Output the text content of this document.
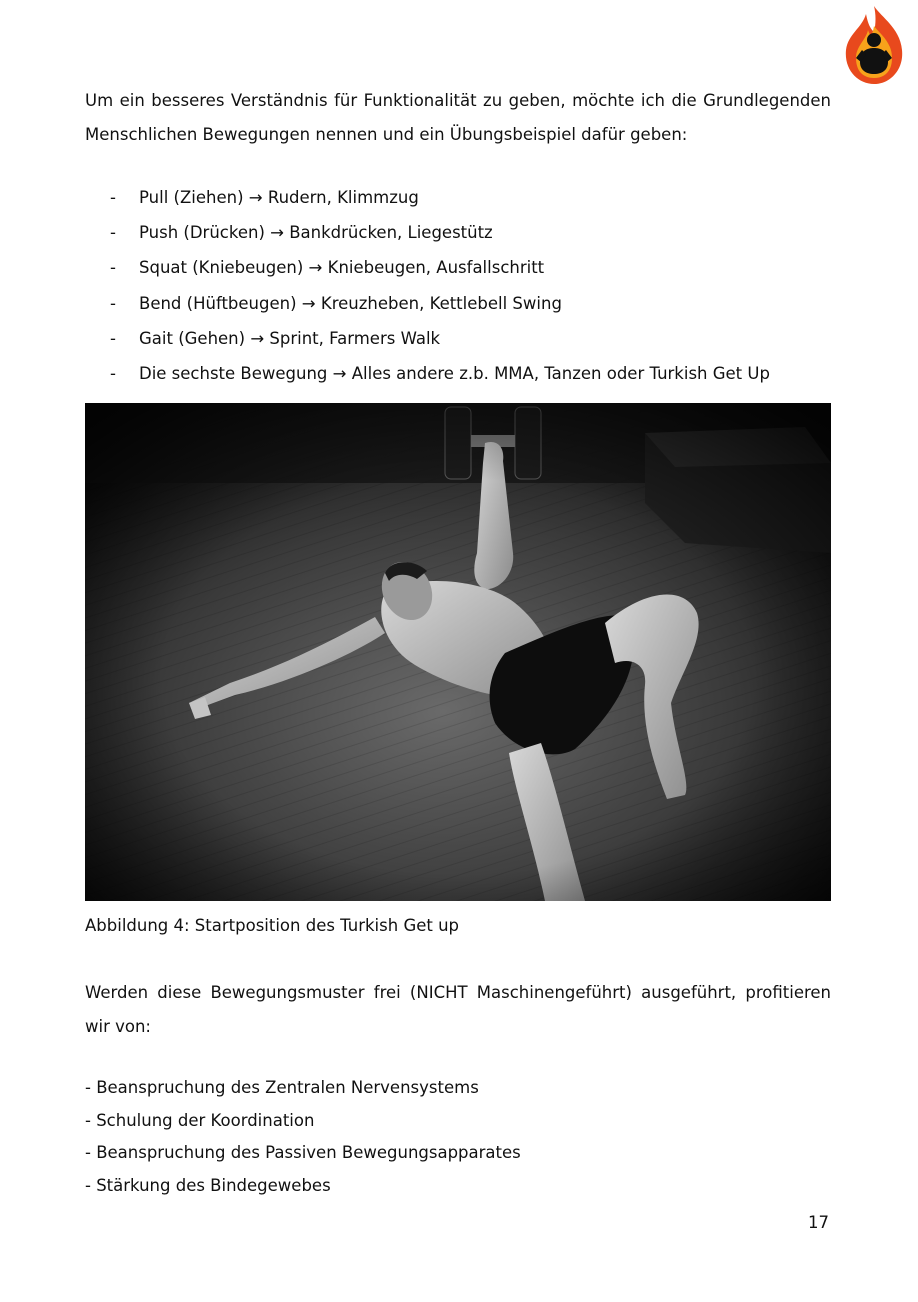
Um ein besseres Verständnis für Funktionalität zu geben, möchte ich die Grundlegenden Menschlichen Bewegungen nennen und ein Übungsbeispiel dafür geben:
- Pull (Ziehen) → Rudern, Klimmzug
- Push (Drücken) → Bankdrücken, Liegestütz
- Squat (Kniebeugen) → Kniebeugen, Ausfallschritt
- Bend (Hüftbeugen) → Kreuzheben, Kettlebell Swing
- Gait (Gehen) → Sprint, Farmers Walk
- Die sechste Bewegung → Alles andere z.b. MMA, Tanzen oder Turkish Get Up
Abbildung 4: Startposition des Turkish Get up
Werden diese Bewegungsmuster frei (NICHT Maschinengeführt) ausgeführt, profitieren wir von:
- Beanspruchung des Zentralen Nervensystems
- Schulung der Koordination
- Beanspruchung des Passiven Bewegungsapparates
- Stärkung des Bindegewebes
17
